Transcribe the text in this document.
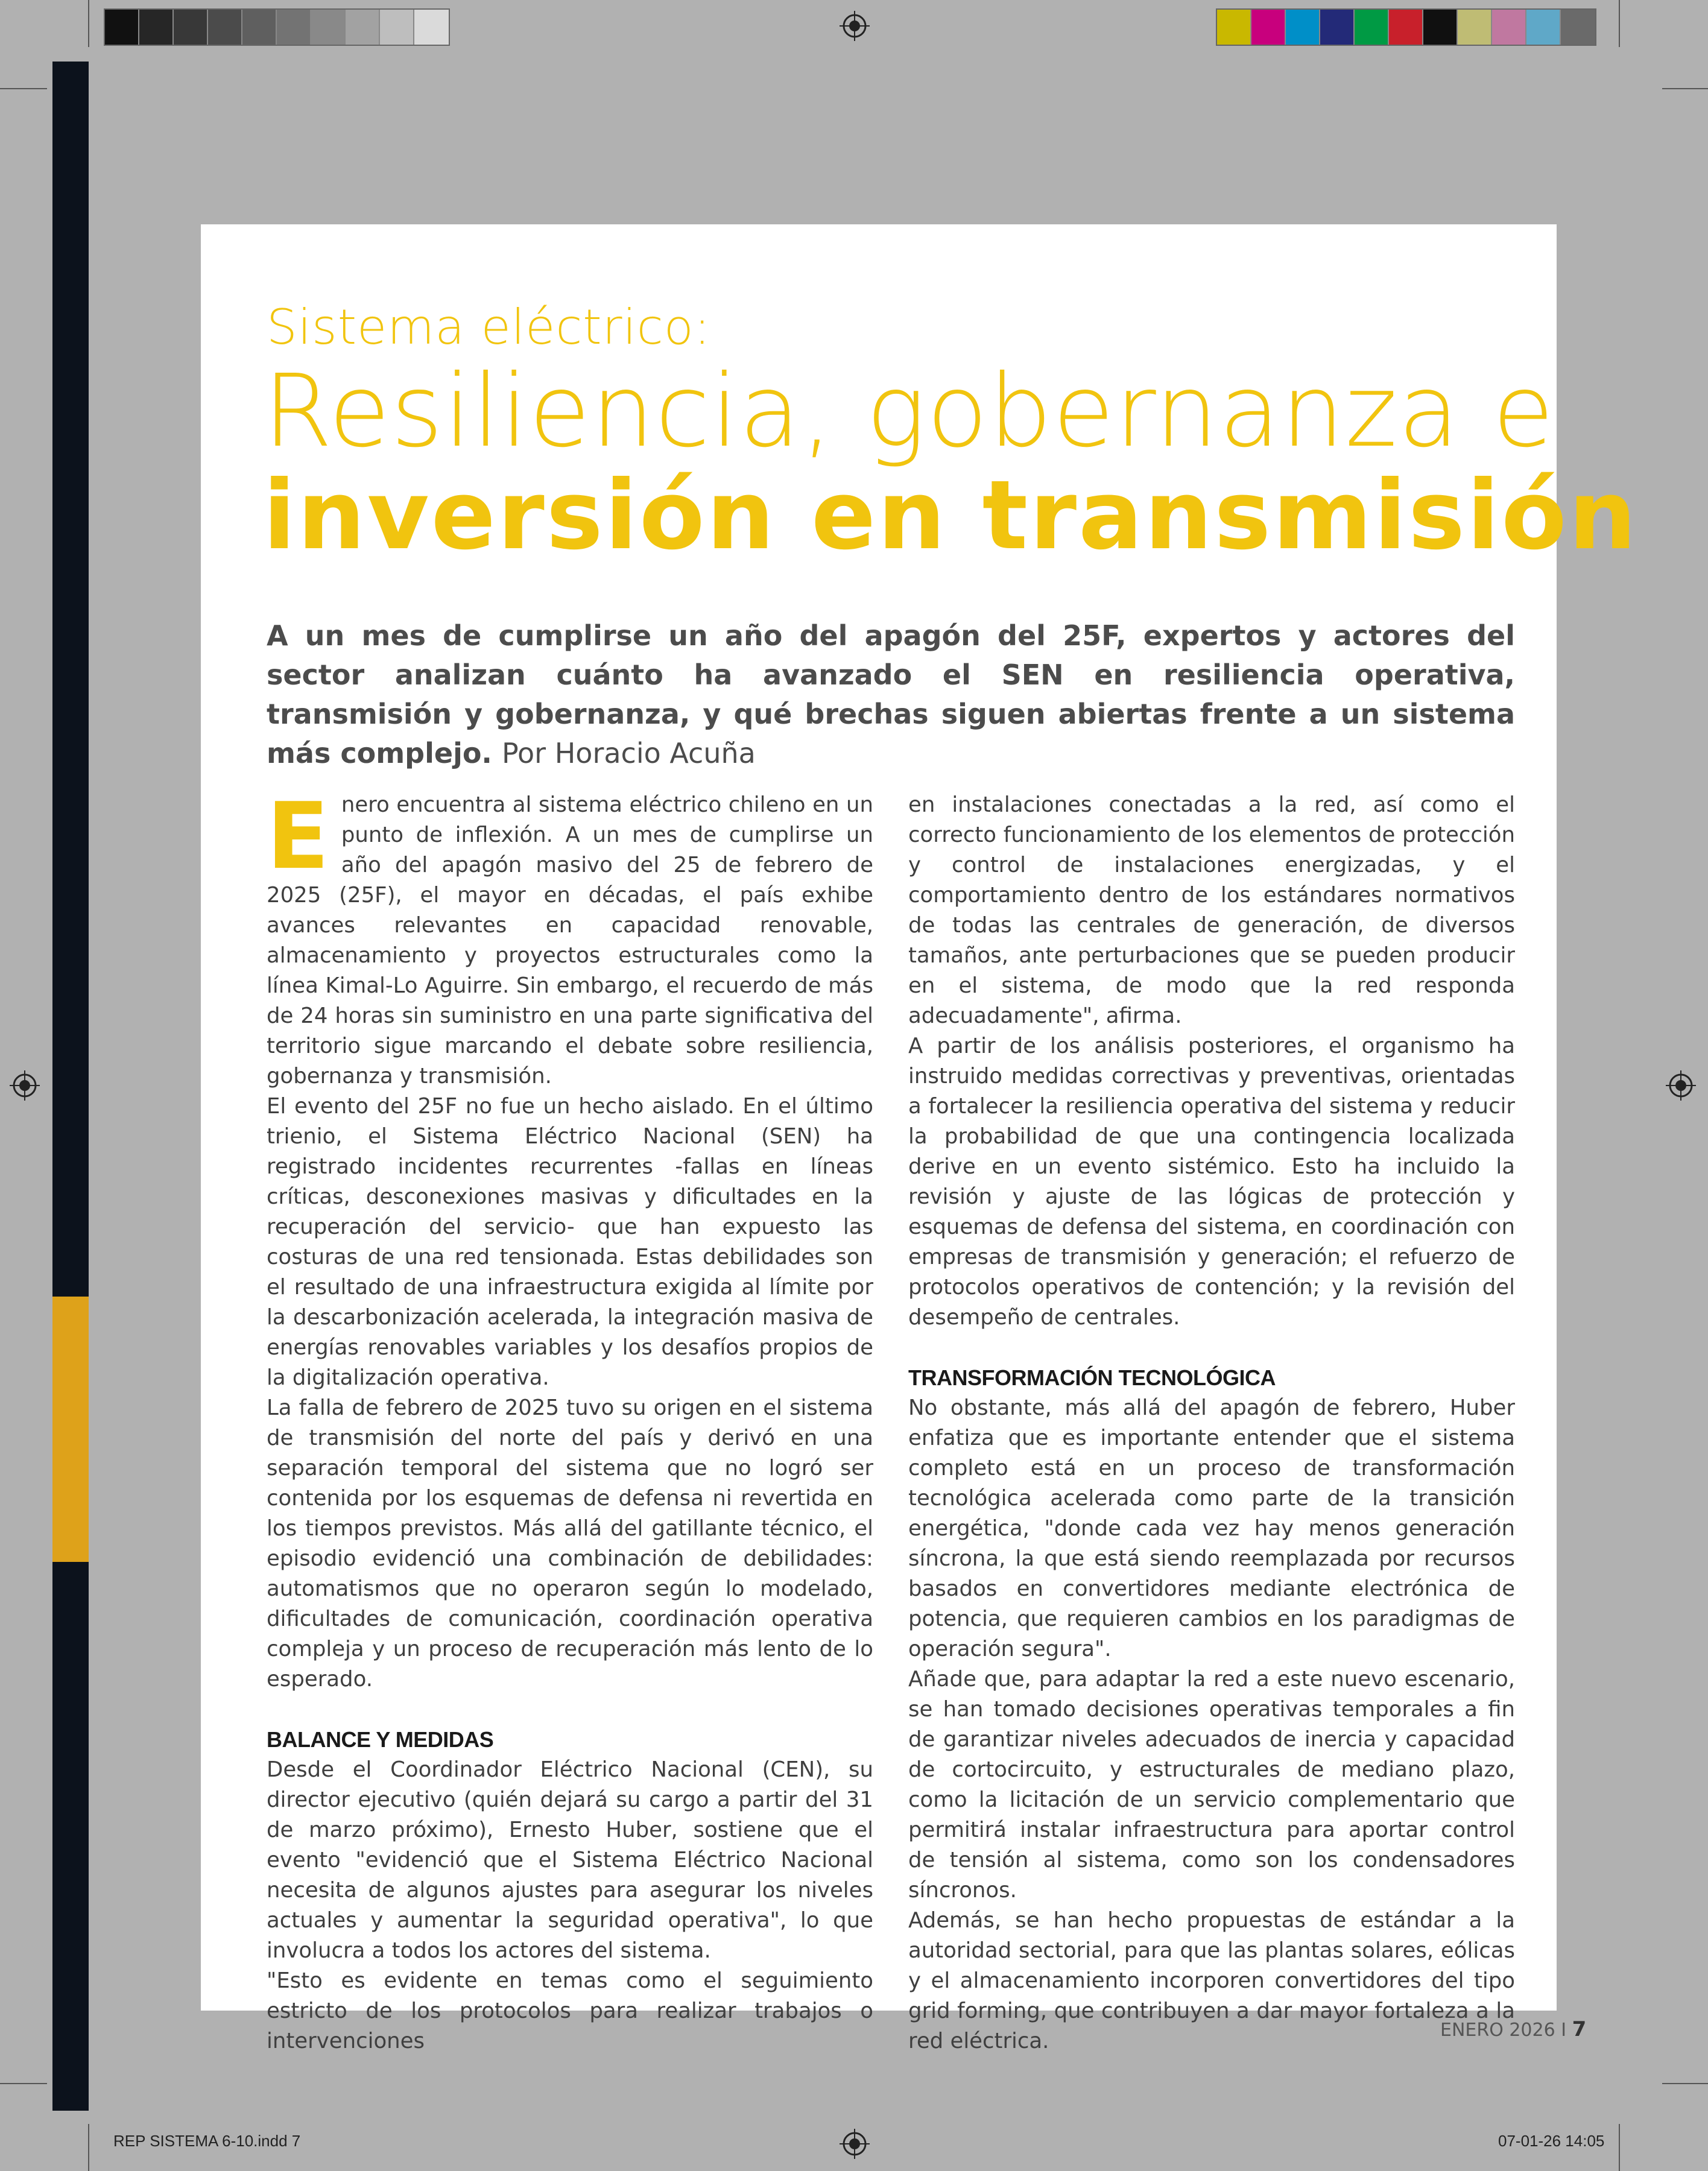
Sistema eléctrico:
Resiliencia, gobernanza e
inversión en transmisión
A un mes de cumplirse un año del apagón del 25F, expertos y actores del sector analizan cuánto ha avanzado el SEN en resiliencia operativa, transmisión y gobernanza, y qué brechas siguen abiertas frente a un sistema más complejo. Por Horacio Acuña

Enero encuentra al sistema eléctrico chileno en un punto de inflexión. A un mes de cumplirse un año del apagón masivo del 25 de febrero de 2025 (25F), el mayor en décadas, el país exhibe avances relevantes en capacidad renovable, almacenamiento y proyectos estructurales como la línea Kimal-Lo Aguirre. Sin embargo, el recuerdo de más de 24 horas sin suministro en una parte significativa del territorio sigue marcando el debate sobre resiliencia, gobernanza y transmisión.

El evento del 25F no fue un hecho aislado. En el último trienio, el Sistema Eléctrico Nacional (SEN) ha registrado incidentes recurrentes -fallas en líneas críticas, desconexiones masivas y dificultades en la recuperación del servicio- que han expuesto las costuras de una red tensionada. Estas debilidades son el resultado de una infraestructura exigida al límite por la descarbonización acelerada, la integración masiva de energías renovables variables y los desafíos propios de la digitalización operativa.

La falla de febrero de 2025 tuvo su origen en el sistema de transmisión del norte del país y derivó en una separación temporal del sistema que no logró ser contenida por los esquemas de defensa ni revertida en los tiempos previstos. Más allá del gatillante técnico, el episodio evidenció una combinación de debilidades: automatismos que no operaron según lo modelado, dificultades de comunicación, coordinación operativa compleja y un proceso de recuperación más lento de lo esperado.

BALANCE Y MEDIDAS

Desde el Coordinador Eléctrico Nacional (CEN), su director ejecutivo (quién dejará su cargo a partir del 31 de marzo próximo), Ernesto Huber, sostiene que el evento "evidenció que el Sistema Eléctrico Nacional necesita de algunos ajustes para asegurar los niveles actuales y aumentar la seguridad operativa", lo que involucra a todos los actores del sistema.

"Esto es evidente en temas como el seguimiento estricto de los protocolos para realizar trabajos o intervenciones

en instalaciones conectadas a la red, así como el correcto funcionamiento de los elementos de protección y control de instalaciones energizadas, y el comportamiento dentro de los estándares normativos de todas las centrales de generación, de diversos tamaños, ante perturbaciones que se pueden producir en el sistema, de modo que la red responda adecuadamente", afirma.

A partir de los análisis posteriores, el organismo ha instruido medidas correctivas y preventivas, orientadas a fortalecer la resiliencia operativa del sistema y reducir la probabilidad de que una contingencia localizada derive en un evento sistémico. Esto ha incluido la revisión y ajuste de las lógicas de protección y esquemas de defensa del sistema, en coordinación con empresas de transmisión y generación; el refuerzo de protocolos operativos de contención; y la revisión del desempeño de centrales.

TRANSFORMACIÓN TECNOLÓGICA

No obstante, más allá del apagón de febrero, Huber enfatiza que es importante entender que el sistema completo está en un proceso de transformación tecnológica acelerada como parte de la transición energética, "donde cada vez hay menos generación síncrona, la que está siendo reemplazada por recursos basados en convertidores mediante electrónica de potencia, que requieren cambios en los paradigmas de operación segura".

Añade que, para adaptar la red a este nuevo escenario, se han tomado decisiones operativas temporales a fin de garantizar niveles adecuados de inercia y capacidad de cortocircuito, y estructurales de mediano plazo, como la licitación de un servicio complementario que permitirá instalar infraestructura para aportar control de tensión al sistema, como son los condensadores síncronos.

Además, se han hecho propuestas de estándar a la autoridad sectorial, para que las plantas solares, eólicas y el almacenamiento incorporen convertidores del tipo grid forming, que contribuyen a dar mayor fortaleza a la red eléctrica.	ENERO 2026 I 7
REP SISTEMA 6-10.indd 7	07-01-26 14:05
